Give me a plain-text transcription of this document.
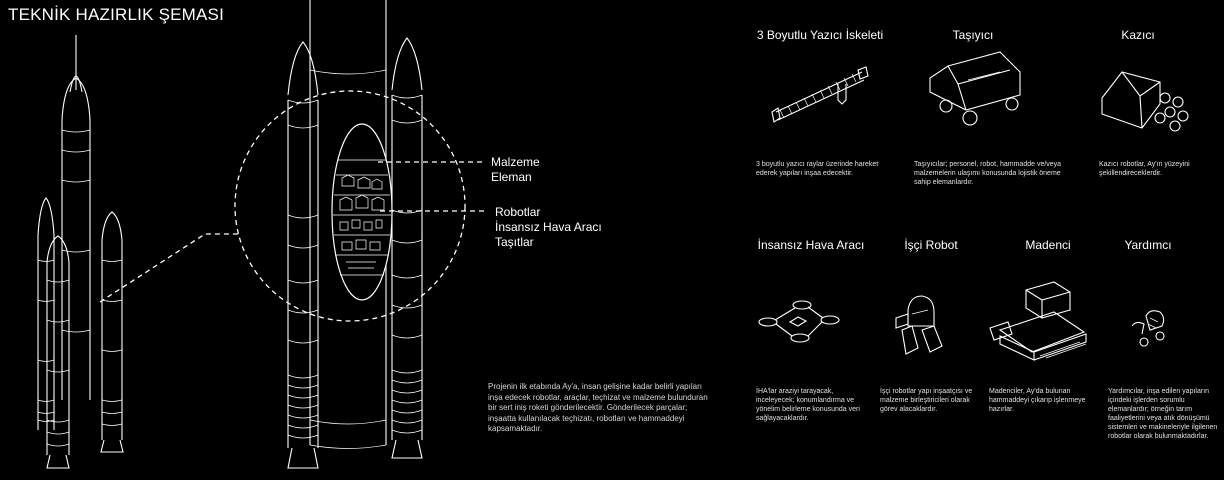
TEKNİK HAZIRLIK ŞEMASI
Malzeme
Eleman
Robotlar
İnsansız Hava Aracı
Taşıtlar
Projenin ilk etabında Ay'a, insan gelişine kadar belirli yapıları inşa edecek robotlar, araçlar, teçhizat ve malzeme bulunduran bir sert iniş roketi gönderilecektir. Gönderilecek parçalar; inşaatta kullanılacak teçhizatı, robotları ve hammaddeyi kapsamaktadır.
3 Boyutlu Yazıcı İskeleti	Taşıyıcı	Kazıcı
İnsansız Hava Aracı	İşçi Robot	Madenci	Yardımcı
3 boyutlu yazıcı raylar üzerinde hareket ederek yapıları inşaa edecektir.
Taşıyıcılar; personel, robot, hammadde ve/veya malzemelerin ulaşımı konusunda lojistik öneme sahip elemanlardır.
Kazıcı robotlar, Ay'ın yüzeyini şekillendireceklerdir.
İHA'lar araziyi tarayacak, inceleyecek; konumlandırma ve yönelim belirleme konusunda veri sağlayacaklardır.
İşçi robotlar yapı inşaatçısı ve malzeme birleştiricileri olarak görev alacaklardır.
Madenciler, Ay'da bulunan hammaddeyi çıkarıp işlenmeye hazırlar.
Yardımcılar, inşa edilen yapıların içindeki işlerden sorumlu elemanlardır; örneğin tarım faaliyetlerini veya atık dönüşümü sistemleri ve makineleriyle ilgilenen robotlar olarak bulunmaktadırlar.
